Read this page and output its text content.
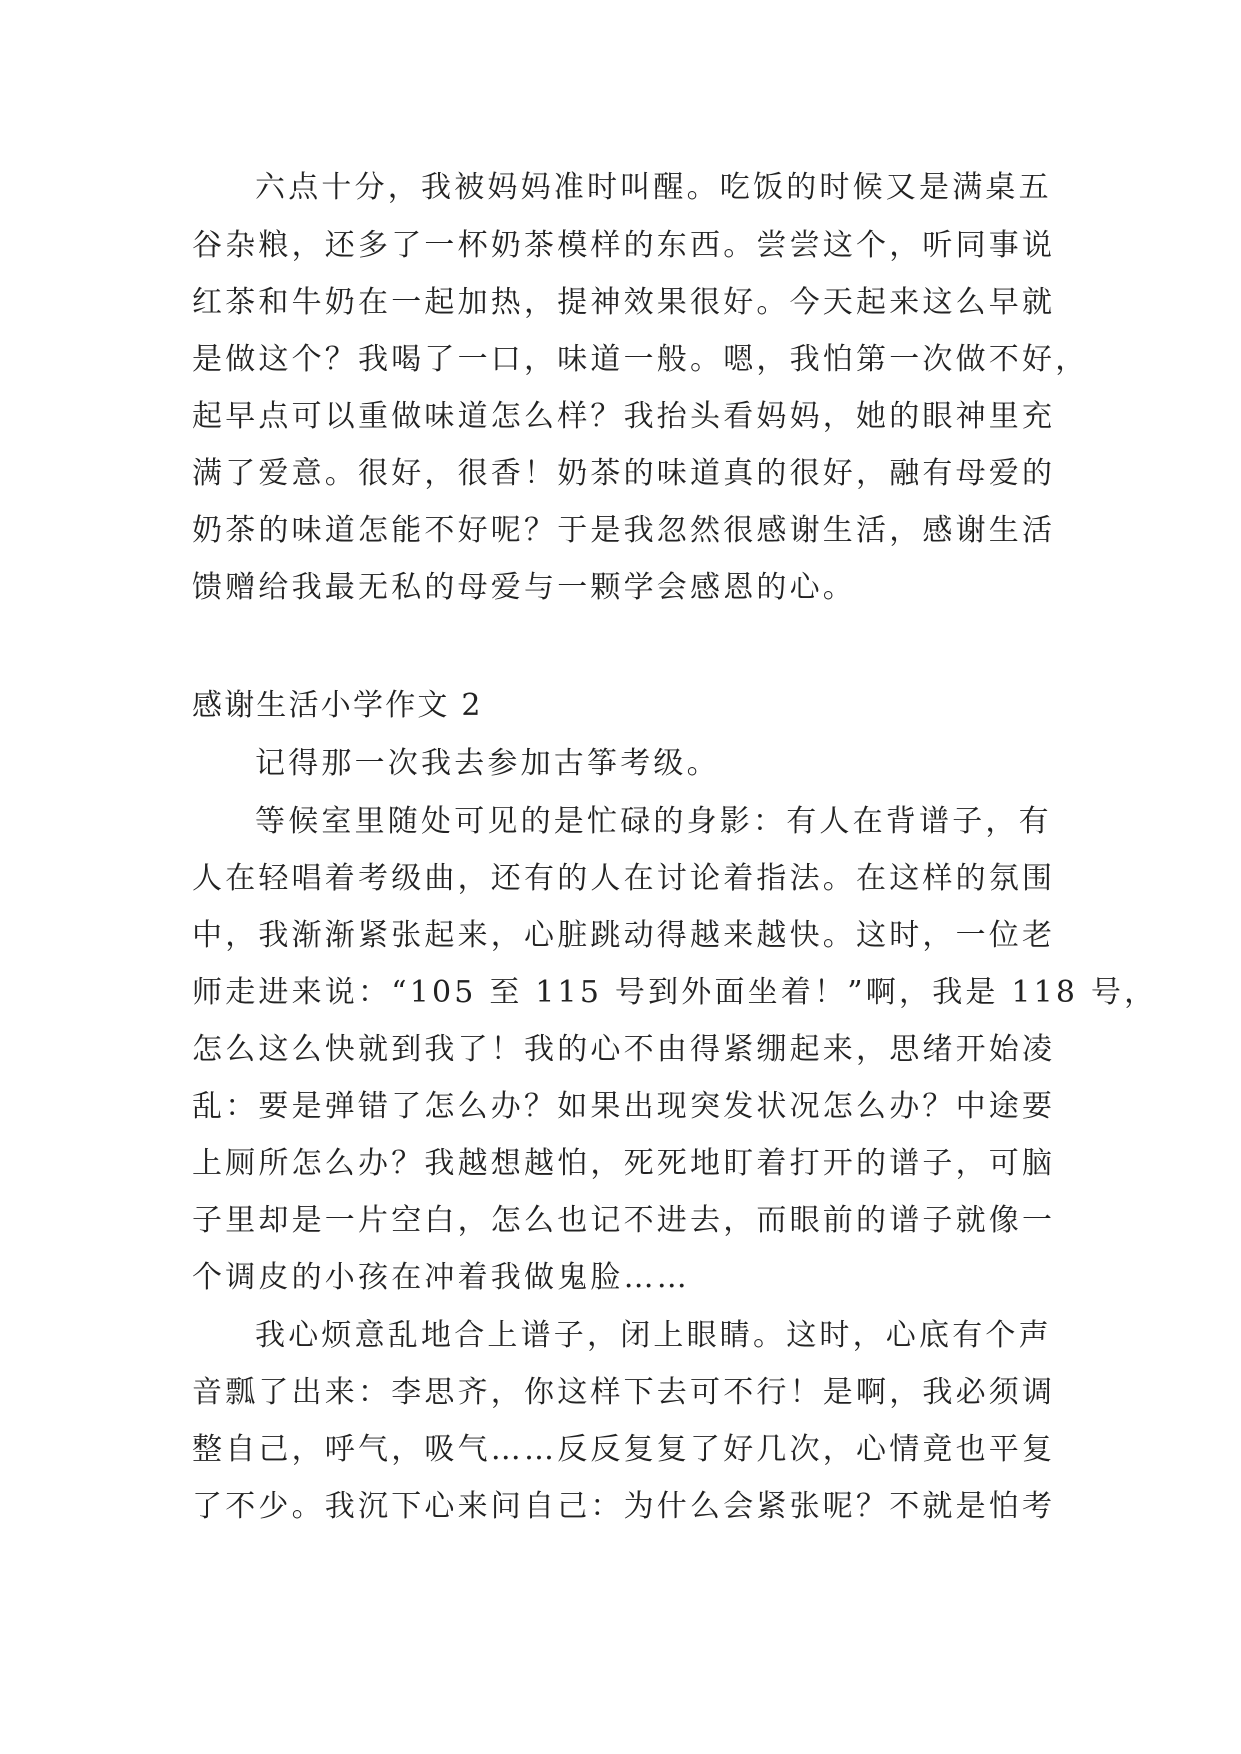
六点十分，我被妈妈准时叫醒。吃饭的时候又是满桌五
谷杂粮，还多了一杯奶茶模样的东西。尝尝这个，听同事说
红茶和牛奶在一起加热，提神效果很好。今天起来这么早就
是做这个？我喝了一口，味道一般。嗯，我怕第一次做不好，
起早点可以重做味道怎么样？我抬头看妈妈，她的眼神里充
满了爱意。很好，很香！奶茶的味道真的很好，融有母爱的
奶茶的味道怎能不好呢？于是我忽然很感谢生活，感谢生活
馈赠给我最无私的母爱与一颗学会感恩的心。
感谢生活小学作文 2
记得那一次我去参加古筝考级。
等候室里随处可见的是忙碌的身影：有人在背谱子，有
人在轻唱着考级曲，还有的人在讨论着指法。在这样的氛围
中，我渐渐紧张起来，心脏跳动得越来越快。这时，一位老
师走进来说：“105 至 115 号到外面坐着！”啊，我是 118 号，
怎么这么快就到我了！我的心不由得紧绷起来，思绪开始凌
乱：要是弹错了怎么办？如果出现突发状况怎么办？中途要
上厕所怎么办？我越想越怕，死死地盯着打开的谱子，可脑
子里却是一片空白，怎么也记不进去，而眼前的谱子就像一
个调皮的小孩在冲着我做鬼脸……
我心烦意乱地合上谱子，闭上眼睛。这时，心底有个声
音瓢了出来：李思齐，你这样下去可不行！是啊，我必须调
整自己，呼气，吸气……反反复复了好几次，心情竟也平复
了不少。我沉下心来问自己：为什么会紧张呢？不就是怕考
